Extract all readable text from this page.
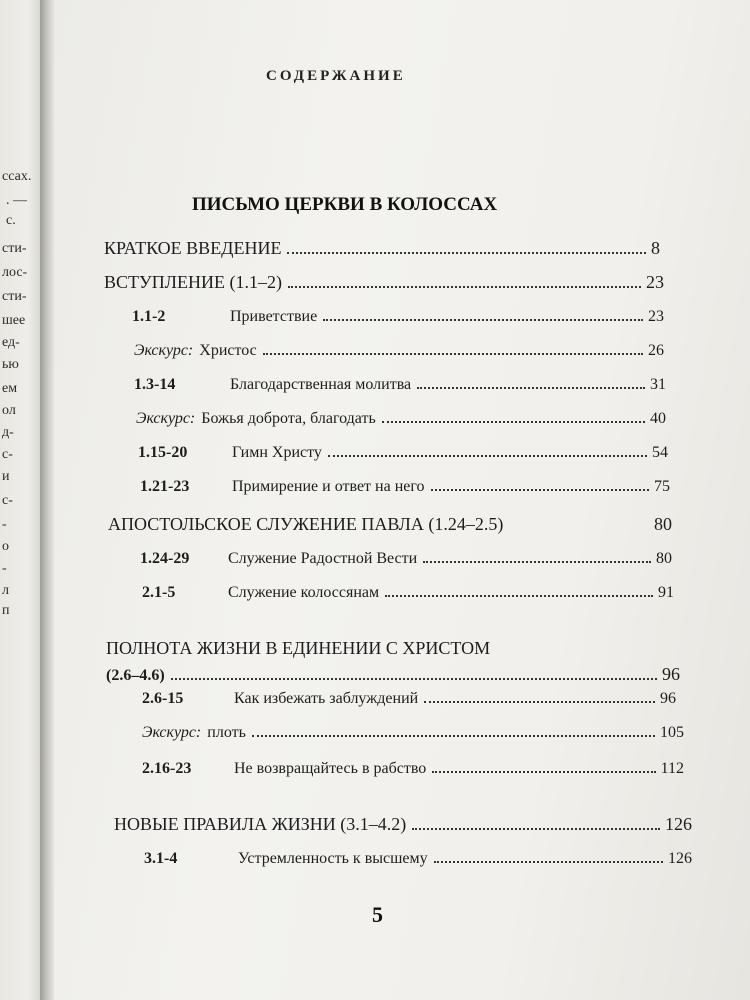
ссах.
. —
с.
сти-
лос-
сти-
шее
ед-
ью
ем
ол
д-
с-
и
с-
-
о
-
л
п
СОДЕРЖАНИЕ
ПИСЬМО ЦЕРКВИ В КОЛОССАХ
КРАТКОЕ ВВЕДЕНИЕ	8
ВСТУПЛЕНИЕ (1.1–2)	23
1.1-2	Приветствие	23
Экскурс: Христос	26
1.3-14	Благодарственная молитва	31
Экскурс: Божья доброта, благодать	40
1.15-20	Гимн Христу	54
1.21-23	Примирение и ответ на него	75
АПОСТОЛЬСКОЕ СЛУЖЕНИЕ ПАВЛА (1.24–2.5)	80
1.24-29	Служение Радостной Вести	80
2.1-5	Служение колоссянам	91
ПОЛНОТА ЖИЗНИ В ЕДИНЕНИИ С ХРИСТОМ
(2.6–4.6)	96
2.6-15	Как избежать заблуждений	96
Экскурс: плоть	105
2.16-23	Не возвращайтесь в рабство	112
НОВЫЕ ПРАВИЛА ЖИЗНИ (3.1–4.2)	126
3.1-4	Устремленность к высшему	126
5
